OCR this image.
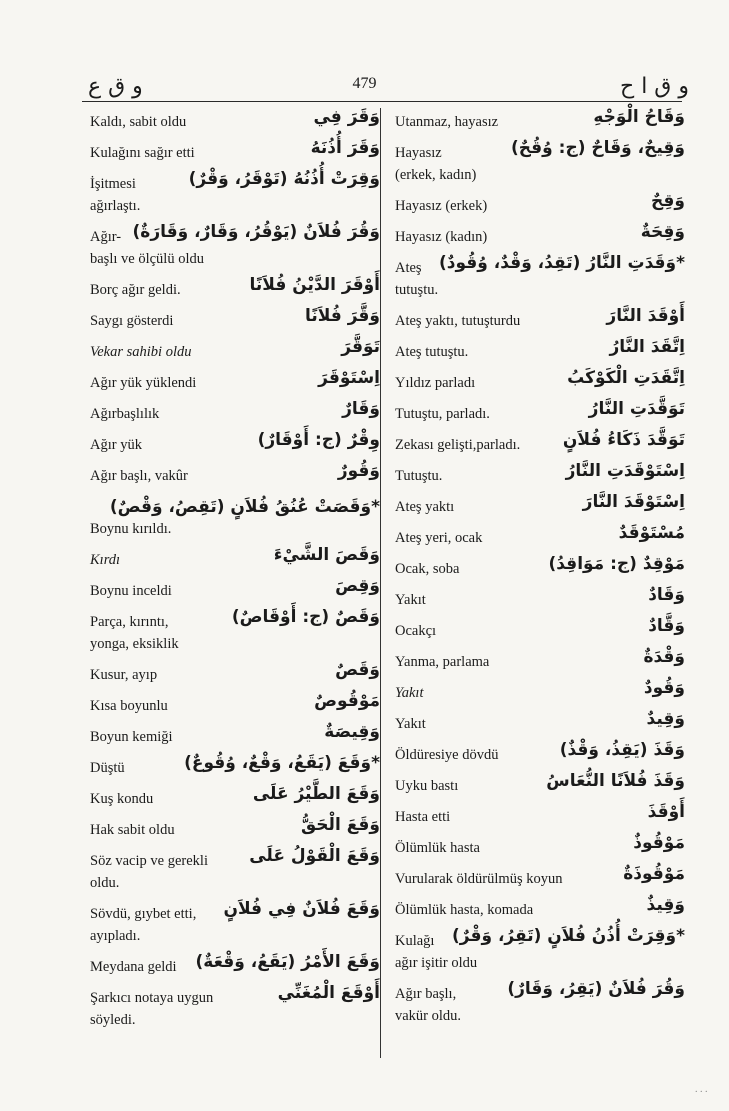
و ق ع	479	و ق ا ح
وَقَرَ فِي
Kaldı, sabit oldu
وَقَرَ أُذُنَهُ
Kulağını sağır etti
وَقِرَتْ أُذُنُهُ (تَوْقَرُ، وَقْرٌ)
İşitmesi
ağırlaştı.
وَقُرَ فُلاَنٌ (يَوْقُرُ، وَقَارٌ، وَقَارَةٌ)
Ağır-
başlı ve ölçülü oldu
أَوْقَرَ الدَّيْنُ فُلاَنًا
Borç ağır geldi.
وَقَّرَ فُلاَنًا
Saygı gösterdi
تَوَقَّرَ
Vekar sahibi oldu
اِسْتَوْقَرَ
Ağır yük yüklendi
وَقَارٌ
Ağırbaşlılık
وِقْرٌ (ج: أَوْقَارٌ)
Ağır yük
وَقُورٌ
Ağır başlı, vakûr
*وَقَصَتْ عُنُقُ فُلاَنٍ (تَقِصُ، وَقْصٌ)
Boynu kırıldı.
وَقَصَ الشَّيْءَ
Kırdı
وَقِصَ
Boynu inceldi
وَقَصٌ (ج: أَوْقَاصٌ)
Parça, kırıntı,
yonga, eksiklik
وَقَصٌ
Kusur, ayıp
مَوْقُوصٌ
Kısa boyunlu
وَقِيصَةٌ
Boyun kemiği
*وَقَعَ (يَقَعُ، وَقْعٌ، وُقُوعٌ)
Düştü
وَقَعَ الطَّيْرُ عَلَى
Kuş kondu
وَقَعَ الْحَقُّ
Hak sabit oldu
وَقَعَ الْقَوْلُ عَلَى
Söz vacip ve gerekli
oldu.
وَقَعَ فُلاَنٌ فِي فُلاَنٍ
Sövdü, gıybet etti,
ayıpladı.
وَقَعَ الأَمْرُ (يَقَعُ، وَقْعَةٌ)
Meydana geldi
أَوْقَعَ الْمُغَنِّي
Şarkıcı notaya uygun
söyledi.
وَقَاحُ الْوَجْهِ
Utanmaz, hayasız
وَقِيحٌ، وَقَاحٌ (ج: وُقُحٌ)
Hayasız
(erkek, kadın)
وَقِحٌ
Hayasız (erkek)
وَقِحَةٌ
Hayasız (kadın)
*وَقَدَتِ النَّارُ (تَقِدُ، وَقْدٌ، وُقُودٌ)
Ateş
tutuştu.
أَوْقَدَ النَّارَ
Ateş yaktı, tutuşturdu
اِتَّقَدَ النَّارُ
Ateş tutuştu.
اِتَّقَدَتِ الْكَوْكَبُ
Yıldız parladı
تَوَقَّدَتِ النَّارُ
Tutuştu, parladı.
تَوَقَّدَ ذَكَاءُ فُلاَنٍ
Zekası gelişti,parladı.
اِسْتَوْقَدَتِ النَّارُ
Tutuştu.
اِسْتَوْقَدَ النَّارَ
Ateş yaktı
مُسْتَوْقَدٌ
Ateş yeri, ocak
مَوْقِدٌ (ج: مَوَاقِدُ)
Ocak, soba
وَقَادٌ
Yakıt
وَقَّادٌ
Ocakçı
وَقْدَةٌ
Yanma, parlama
وَقُودٌ
Yakıt
وَقِيدٌ
Yakıt
وَقَذَ (يَقِذُ، وَقْذٌ)
Öldüresiye dövdü
وَقَذَ فُلاَنًا النُّعَاسُ
Uyku bastı
أَوْقَذَ
Hasta etti
مَوْقُوذٌ
Ölümlük hasta
مَوْقُوذَةٌ
Vurularak öldürülmüş koyun
وَقِيذٌ
Ölümlük hasta, komada
*وَقِرَتْ أُذُنُ فُلاَنٍ (تَقِرُ، وَقْرٌ)
Kulağı
ağır işitir oldu
وَقُرَ فُلاَنٌ (يَقِرُ، وَقَارٌ)
Ağır başlı,
vakür oldu.
. . .
